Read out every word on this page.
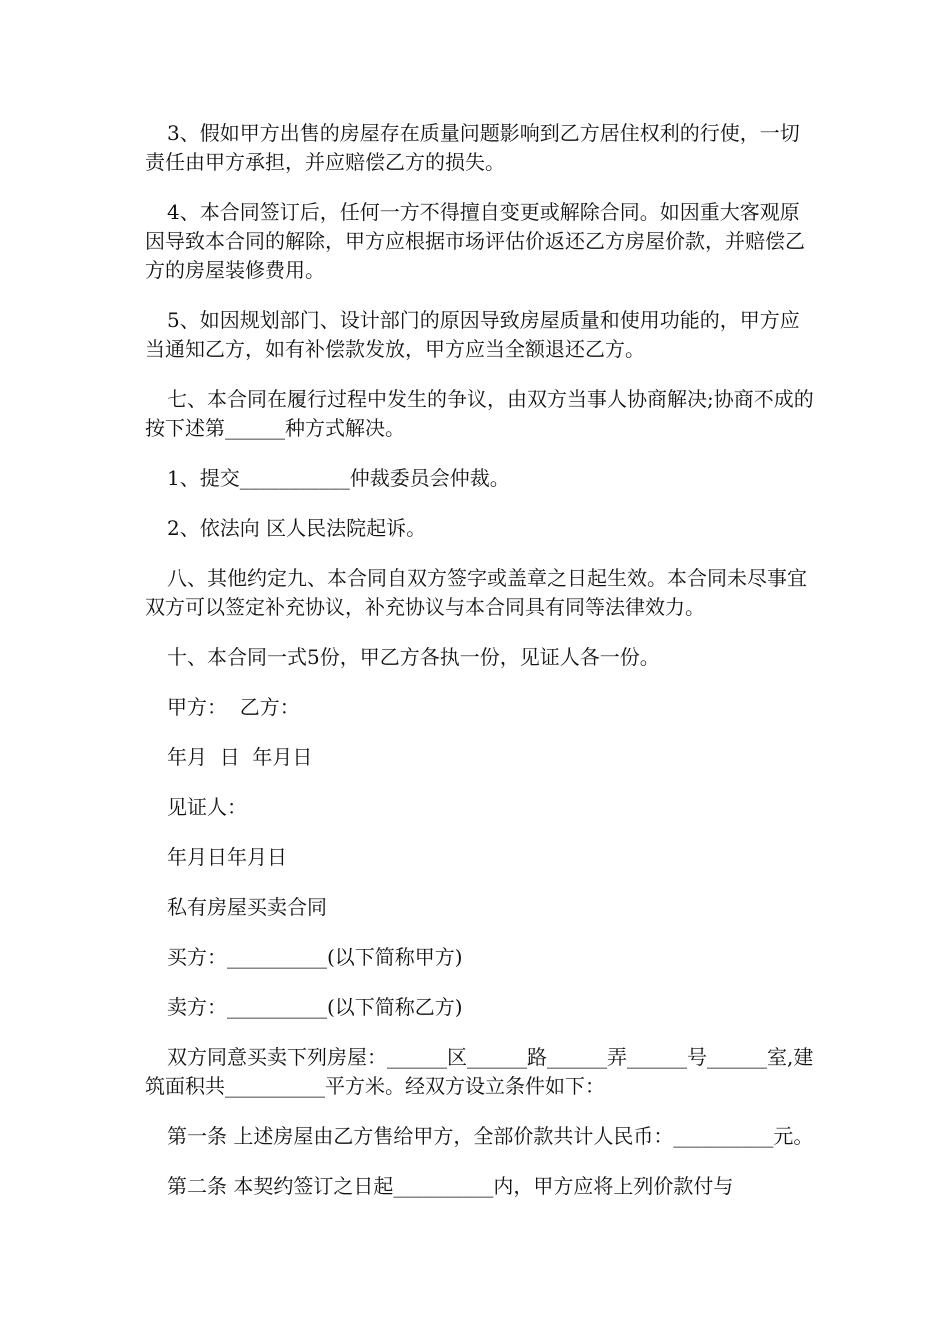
3、假如甲方出售的房屋存在质量问题影响到乙方居住权利的行使，一切责任由甲方承担，并应赔偿乙方的损失。

4、本合同签订后，任何一方不得擅自变更或解除合同。如因重大客观原因导致本合同的解除，甲方应根据市场评估价返还乙方房屋价款，并赔偿乙方的房屋装修费用。

5、如因规划部门、设计部门的原因导致房屋质量和使用功能的，甲方应当通知乙方，如有补偿款发放，甲方应当全额退还乙方。

七、本合同在履行过程中发生的争议，由双方当事人协商解决;协商不成的按下述第______种方式解决。

1、提交___________仲裁委员会仲裁。

2、依法向 区人民法院起诉。

八、其他约定九、本合同自双方签字或盖章之日起生效。本合同未尽事宜双方可以签定补充协议，补充协议与本合同具有同等法律效力。

十、本合同一式5份，甲乙方各执一份，见证人各一份。

甲方：  乙方：

年月  日  年月日

见证人：

年月日年月日

私有房屋买卖合同

买方：__________(以下简称甲方)

卖方：__________(以下简称乙方)

双方同意买卖下列房屋：______区______路______弄______号______室,建筑面积共__________平方米。经双方设立条件如下：

第一条 上述房屋由乙方售给甲方，全部价款共计人民币：__________元。

第二条 本契约签订之日起__________内，甲方应将上列价款付与
